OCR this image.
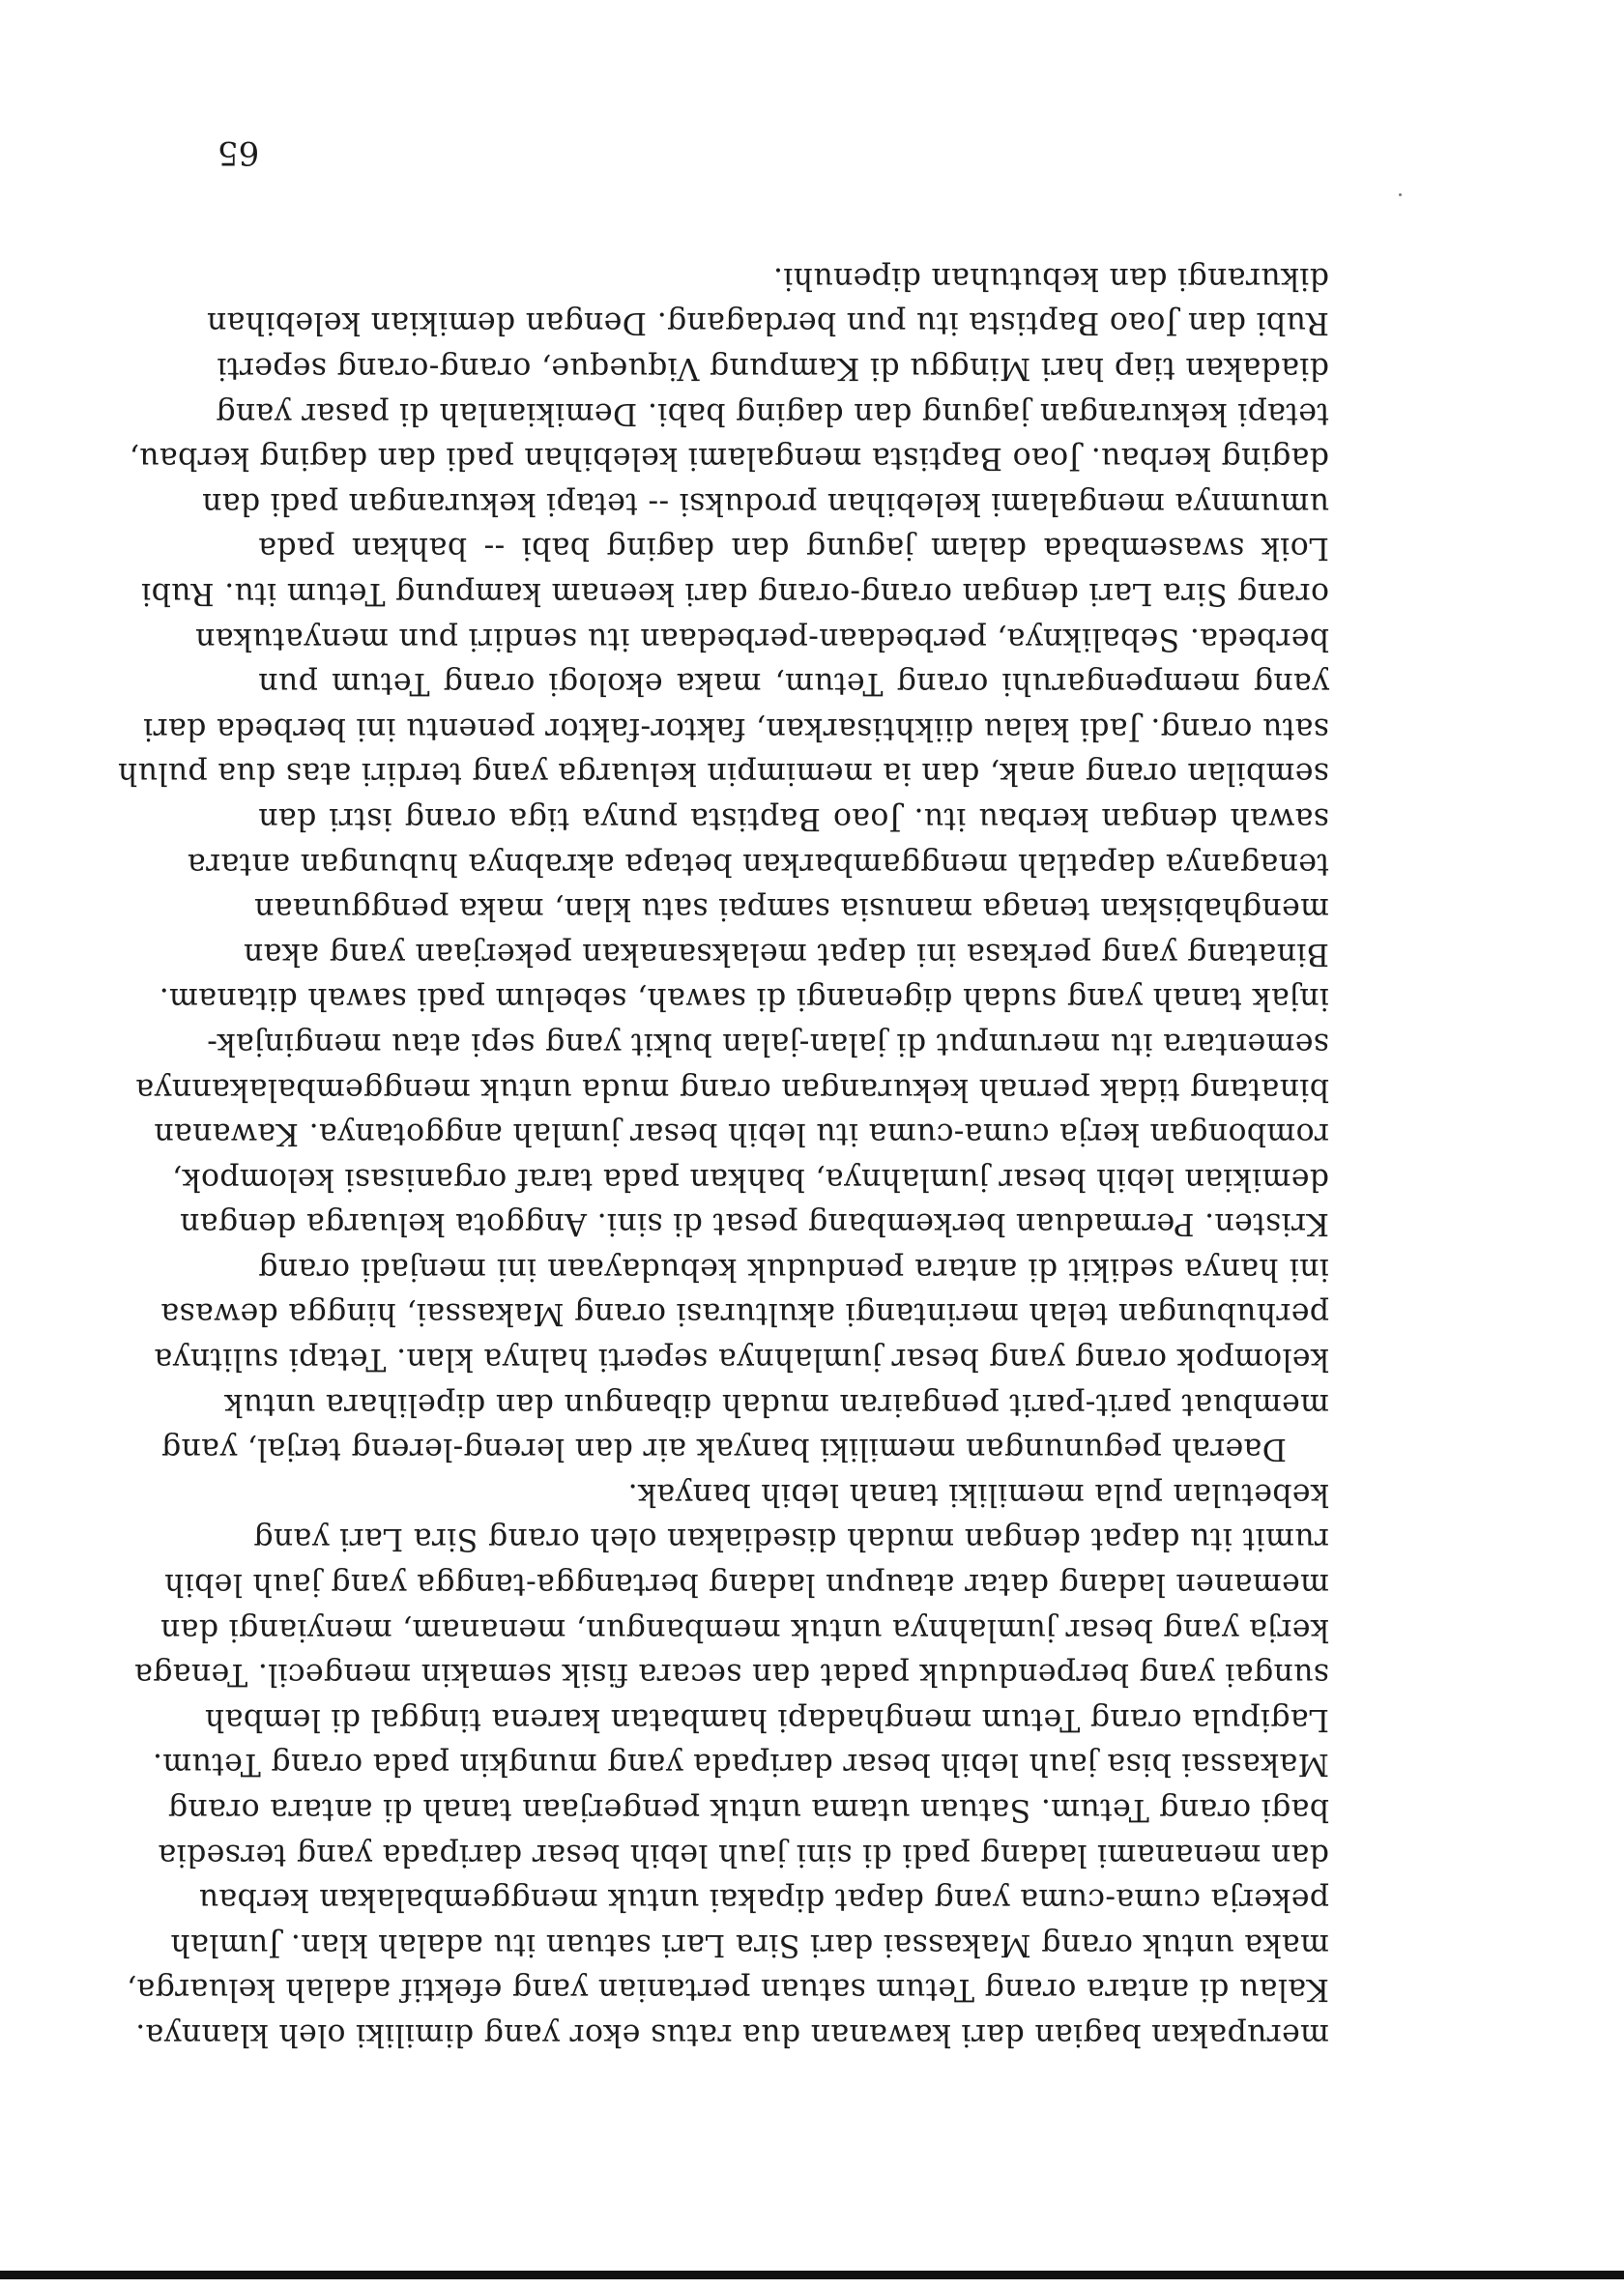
merupakan bagian dari kawanan dua ratus ekor yang dimiliki oleh klannya.
Kalau di antara orang Tetum satuan pertanian yang efektif adalah keluarga,
maka untuk orang Makassai dari Sira Lari satuan itu adalah klan. Jumlah
pekerja cuma-cuma yang dapat dipakai untuk menggembalakan kerbau
dan menanami ladang padi di sini jauh lebih besar daripada yang tersedia
bagi orang Tetum. Satuan utama untuk pengerjaan tanah di antara orang
Makassai bisa jauh lebih besar daripada yang mungkin pada orang Tetum.
Lagipula orang Tetum menghadapi hambatan karena tinggal di lembah
sungai yang berpenduduk padat dan secara fisik semakin mengecil. Tenaga
kerja yang besar jumlahnya untuk membangun, menanam, menyiangi dan
memanen ladang datar ataupun ladang bertangga-tangga yang jauh lebih
rumit itu dapat dengan mudah disediakan oleh orang Sira Lari yang
kebetulan pula memiliki tanah lebih banyak.
Daerah pegunungan memiliki banyak air dan lereng-lereng terjal, yang
membuat parit-parit pengairan mudah dibangun dan dipelihara untuk
kelompok orang yang besar jumlahnya seperti halnya klan. Tetapi sulitnya
perhubungan telah merintangi akulturasi orang Makassai, hingga dewasa
ini hanya sedikit di antara penduduk kebudayaan ini menjadi orang
Kristen. Permaduan berkembang pesat di sini. Anggota keluarga dengan
demikian lebih besar jumlahnya, bahkan pada taraf organisasi kelompok,
rombongan kerja cuma-cuma itu lebih besar jumlah anggotanya. Kawanan
binatang tidak pernah kekurangan orang muda untuk menggembalakannya
sementara itu merumput di jalan-jalan bukit yang sepi atau menginjak-
injak tanah yang sudah digenangi di sawah, sebelum padi sawah ditanam.
Binatang yang perkasa ini dapat melaksanakan pekerjaan yang akan
menghabiskan tenaga manusia sampai satu klan, maka penggunaan
tenaganya dapatlah menggambarkan betapa akrabnya hubungan antara
sawah dengan kerbau itu. Joao Baptista punya tiga orang istri dan
sembilan orang anak, dan ia memimpin keluarga yang terdiri atas dua puluh
satu orang. Jadi kalau diikhtisarkan, faktor-faktor penentu ini berbeda dari
yang mempengaruhi orang Tetum, maka ekologi orang Tetum pun
berbeda. Sebaliknya, perbedaan-perbedaan itu sendiri pun menyatukan
orang Sira Lari dengan orang-orang dari keenam kampung Tetum itu. Rubi
Loik swasembada dalam jagung dan daging babi -- bahkan pada
umumnya mengalami kelebihan produksi -- tetapi kekurangan padi dan
daging kerbau. Joao Baptista mengalami kelebihan padi dan daging kerbau,
tetapi kekurangan jagung dan daging babi. Demikianlah di pasar yang
diadakan tiap hari Minggu di Kampung Viqueque, orang-orang seperti
Rubi dan Joao Baptista itu pun berdagang. Dengan demikian kelebihan
dikurangi dan kebutuhan dipenuhi.
65
